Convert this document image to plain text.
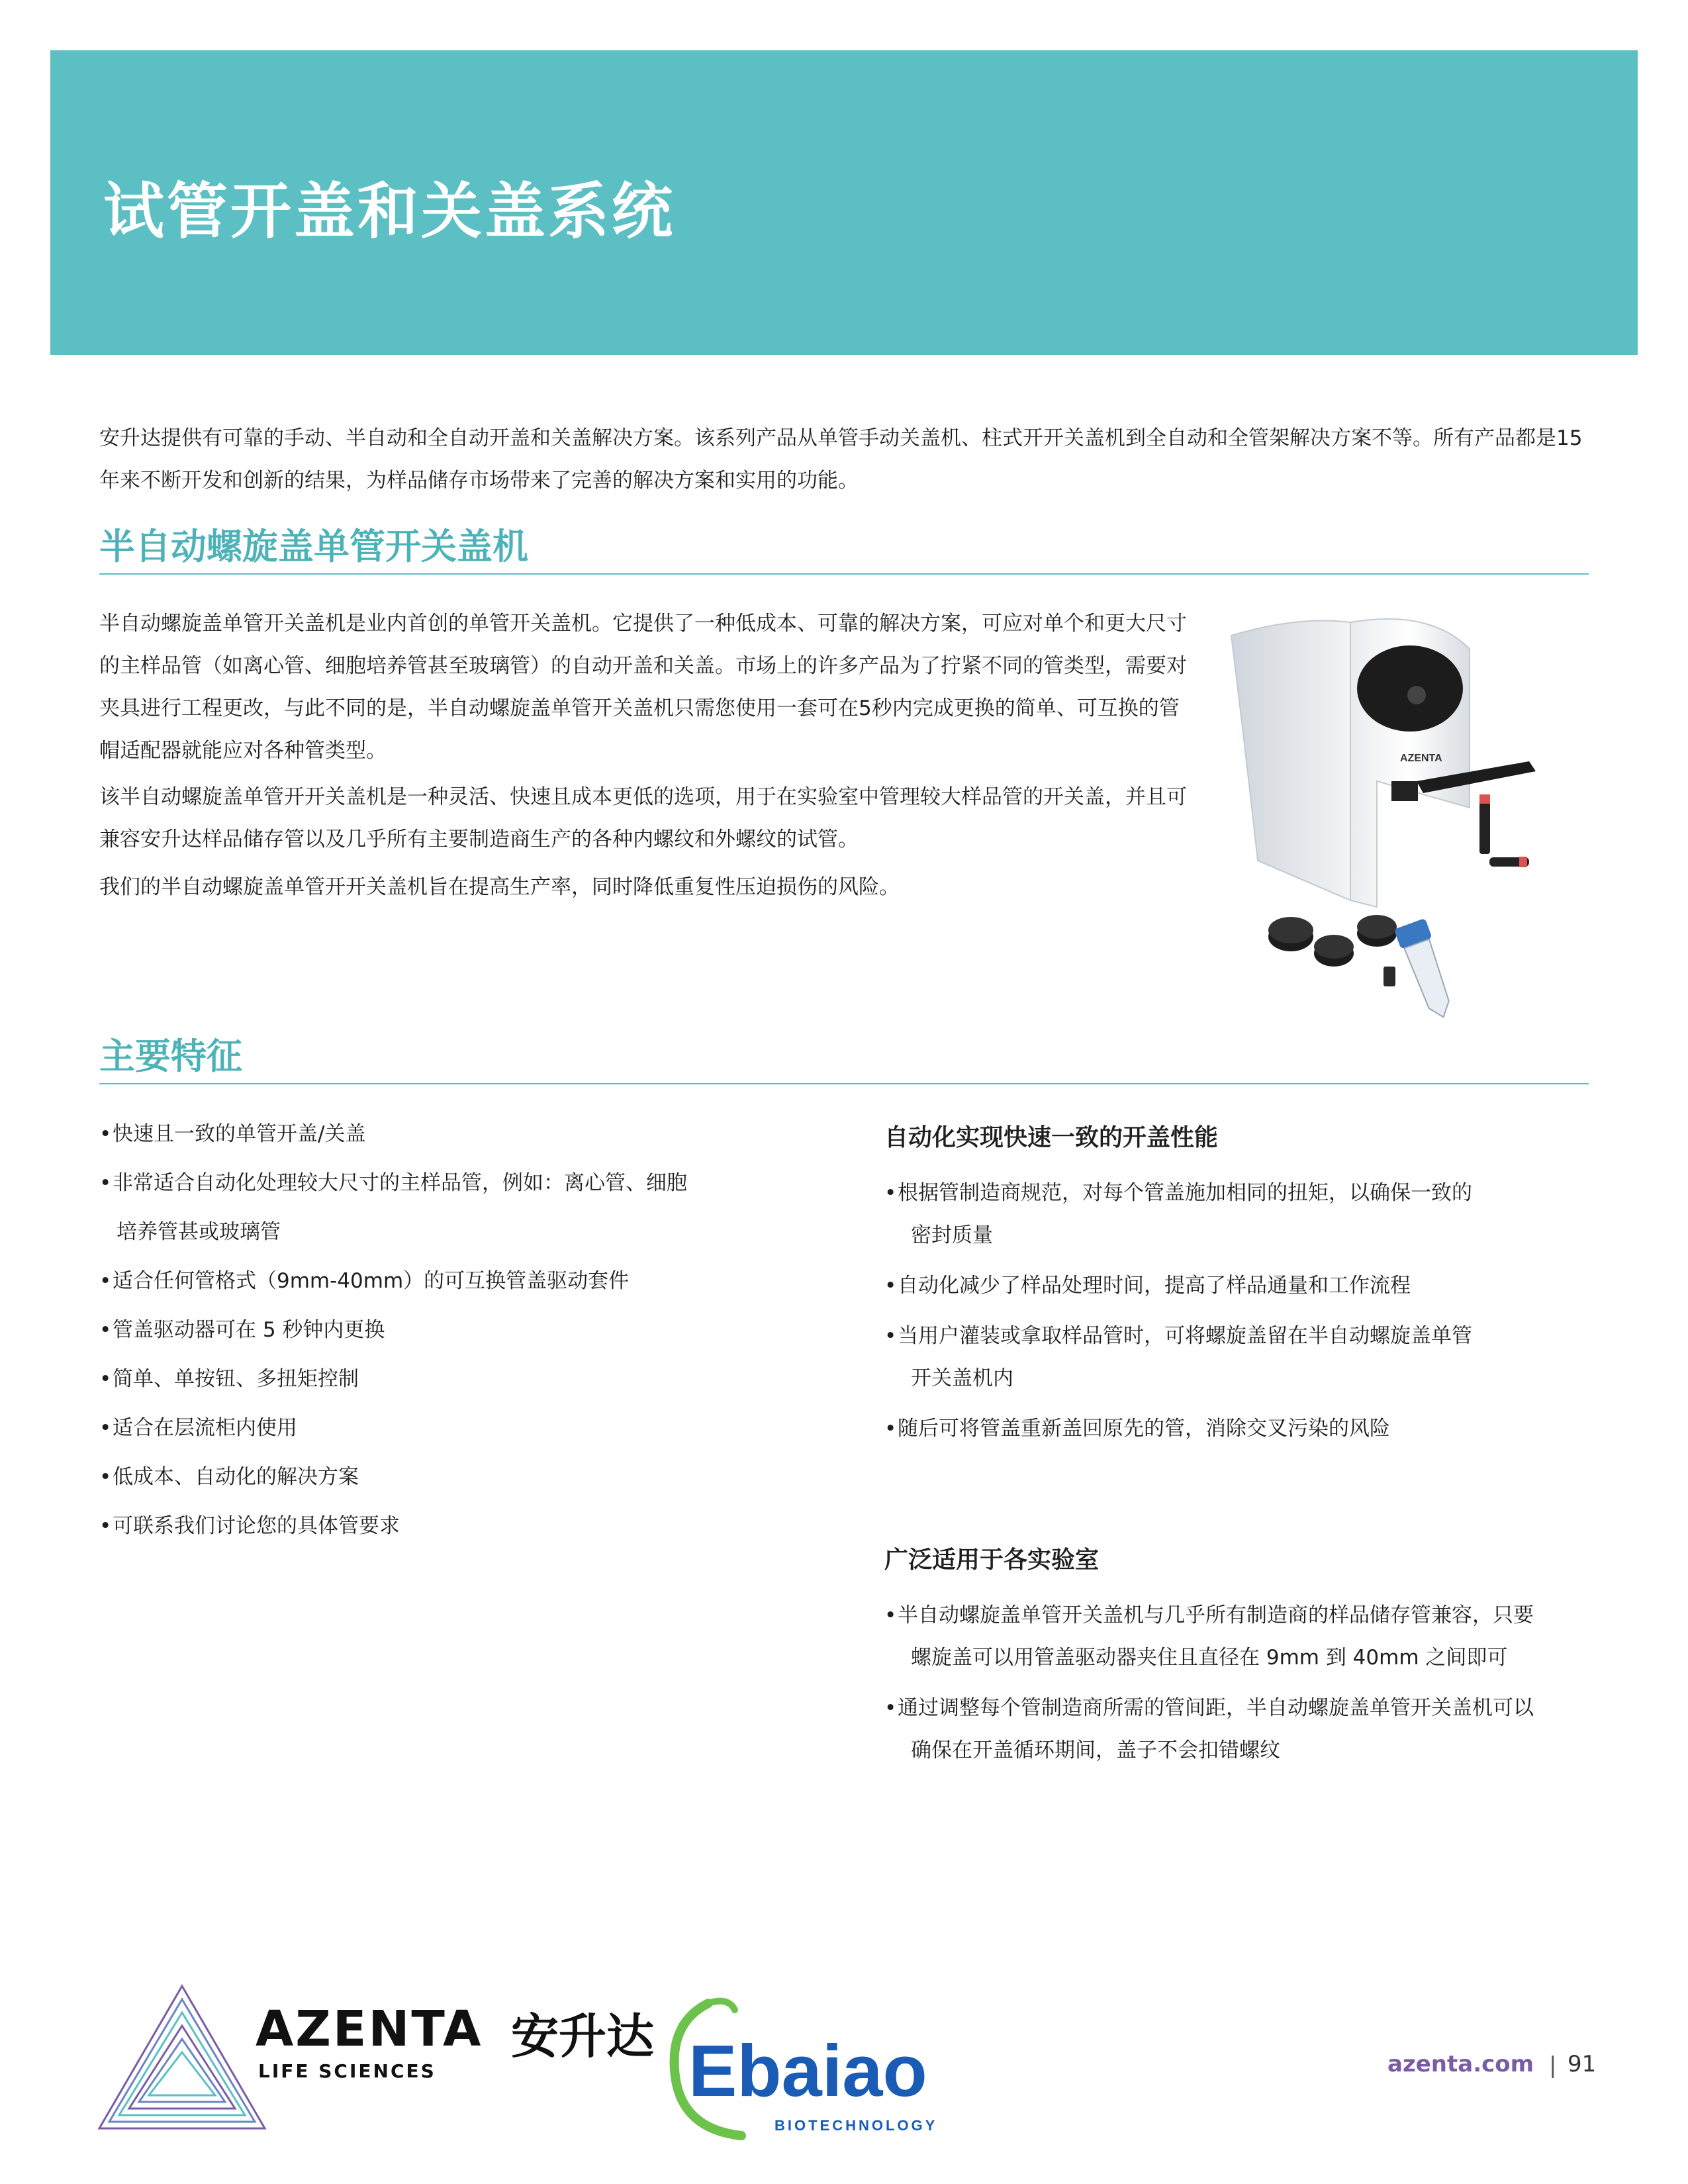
试管开盖和关盖系统

安升达提供有可靠的手动、半自动和全自动开盖和关盖解决方案。该系列产品从单管手动关盖机、柱式开开关盖机到全自动和全管架解决方案不等。所有产品都是15年来不断开发和创新的结果，为样品储存市场带来了完善的解决方案和实用的功能。

半自动螺旋盖单管开关盖机

半自动螺旋盖单管开关盖机是业内首创的单管开关盖机。它提供了一种低成本、可靠的解决方案，可应对单个和更大尺寸的主样品管（如离心管、细胞培养管甚至玻璃管）的自动开盖和关盖。市场上的许多产品为了拧紧不同的管类型，需要对夹具进行工程更改，与此不同的是，半自动螺旋盖单管开关盖机只需您使用一套可在5秒内完成更换的简单、可互换的管帽适配器就能应对各种管类型。

该半自动螺旋盖单管开开关盖机是一种灵活、快速且成本更低的选项，用于在实验室中管理较大样品管的开关盖，并且可兼容安升达样品储存管以及几乎所有主要制造商生产的各种内螺纹和外螺纹的试管。

我们的半自动螺旋盖单管开开关盖机旨在提高生产率，同时降低重复性压迫损伤的风险。

AZENTA
主要特征
• 快速且一致的单管开盖/关盖
• 非常适合自动化处理较大尺寸的主样品管，例如：离心管、细胞
培养管甚或玻璃管
• 适合任何管格式（9mm-40mm）的可互换管盖驱动套件
• 管盖驱动器可在 5 秒钟内更换
• 简单、单按钮、多扭矩控制
• 适合在层流柜内使用
• 低成本、自动化的解决方案
• 可联系我们讨论您的具体管要求
自动化实现快速一致的开盖性能
• 根据管制造商规范，对每个管盖施加相同的扭矩，以确保一致的
密封质量
• 自动化减少了样品处理时间，提高了样品通量和工作流程
• 当用户灌装或拿取样品管时，可将螺旋盖留在半自动螺旋盖单管
开关盖机内
• 随后可将管盖重新盖回原先的管，消除交叉污染的风险
广泛适用于各实验室
• 半自动螺旋盖单管开关盖机与几乎所有制造商的样品储存管兼容，只要
螺旋盖可以用管盖驱动器夹住且直径在 9mm 到 40mm 之间即可
• 通过调整每个管制造商所需的管间距，半自动螺旋盖单管开关盖机可以
确保在开盖循环期间，盖子不会扣错螺纹
AZENTA 安升达
LIFE SCIENCES	Ebaiao
BIOTECHNOLOGY
azenta.com | 91
